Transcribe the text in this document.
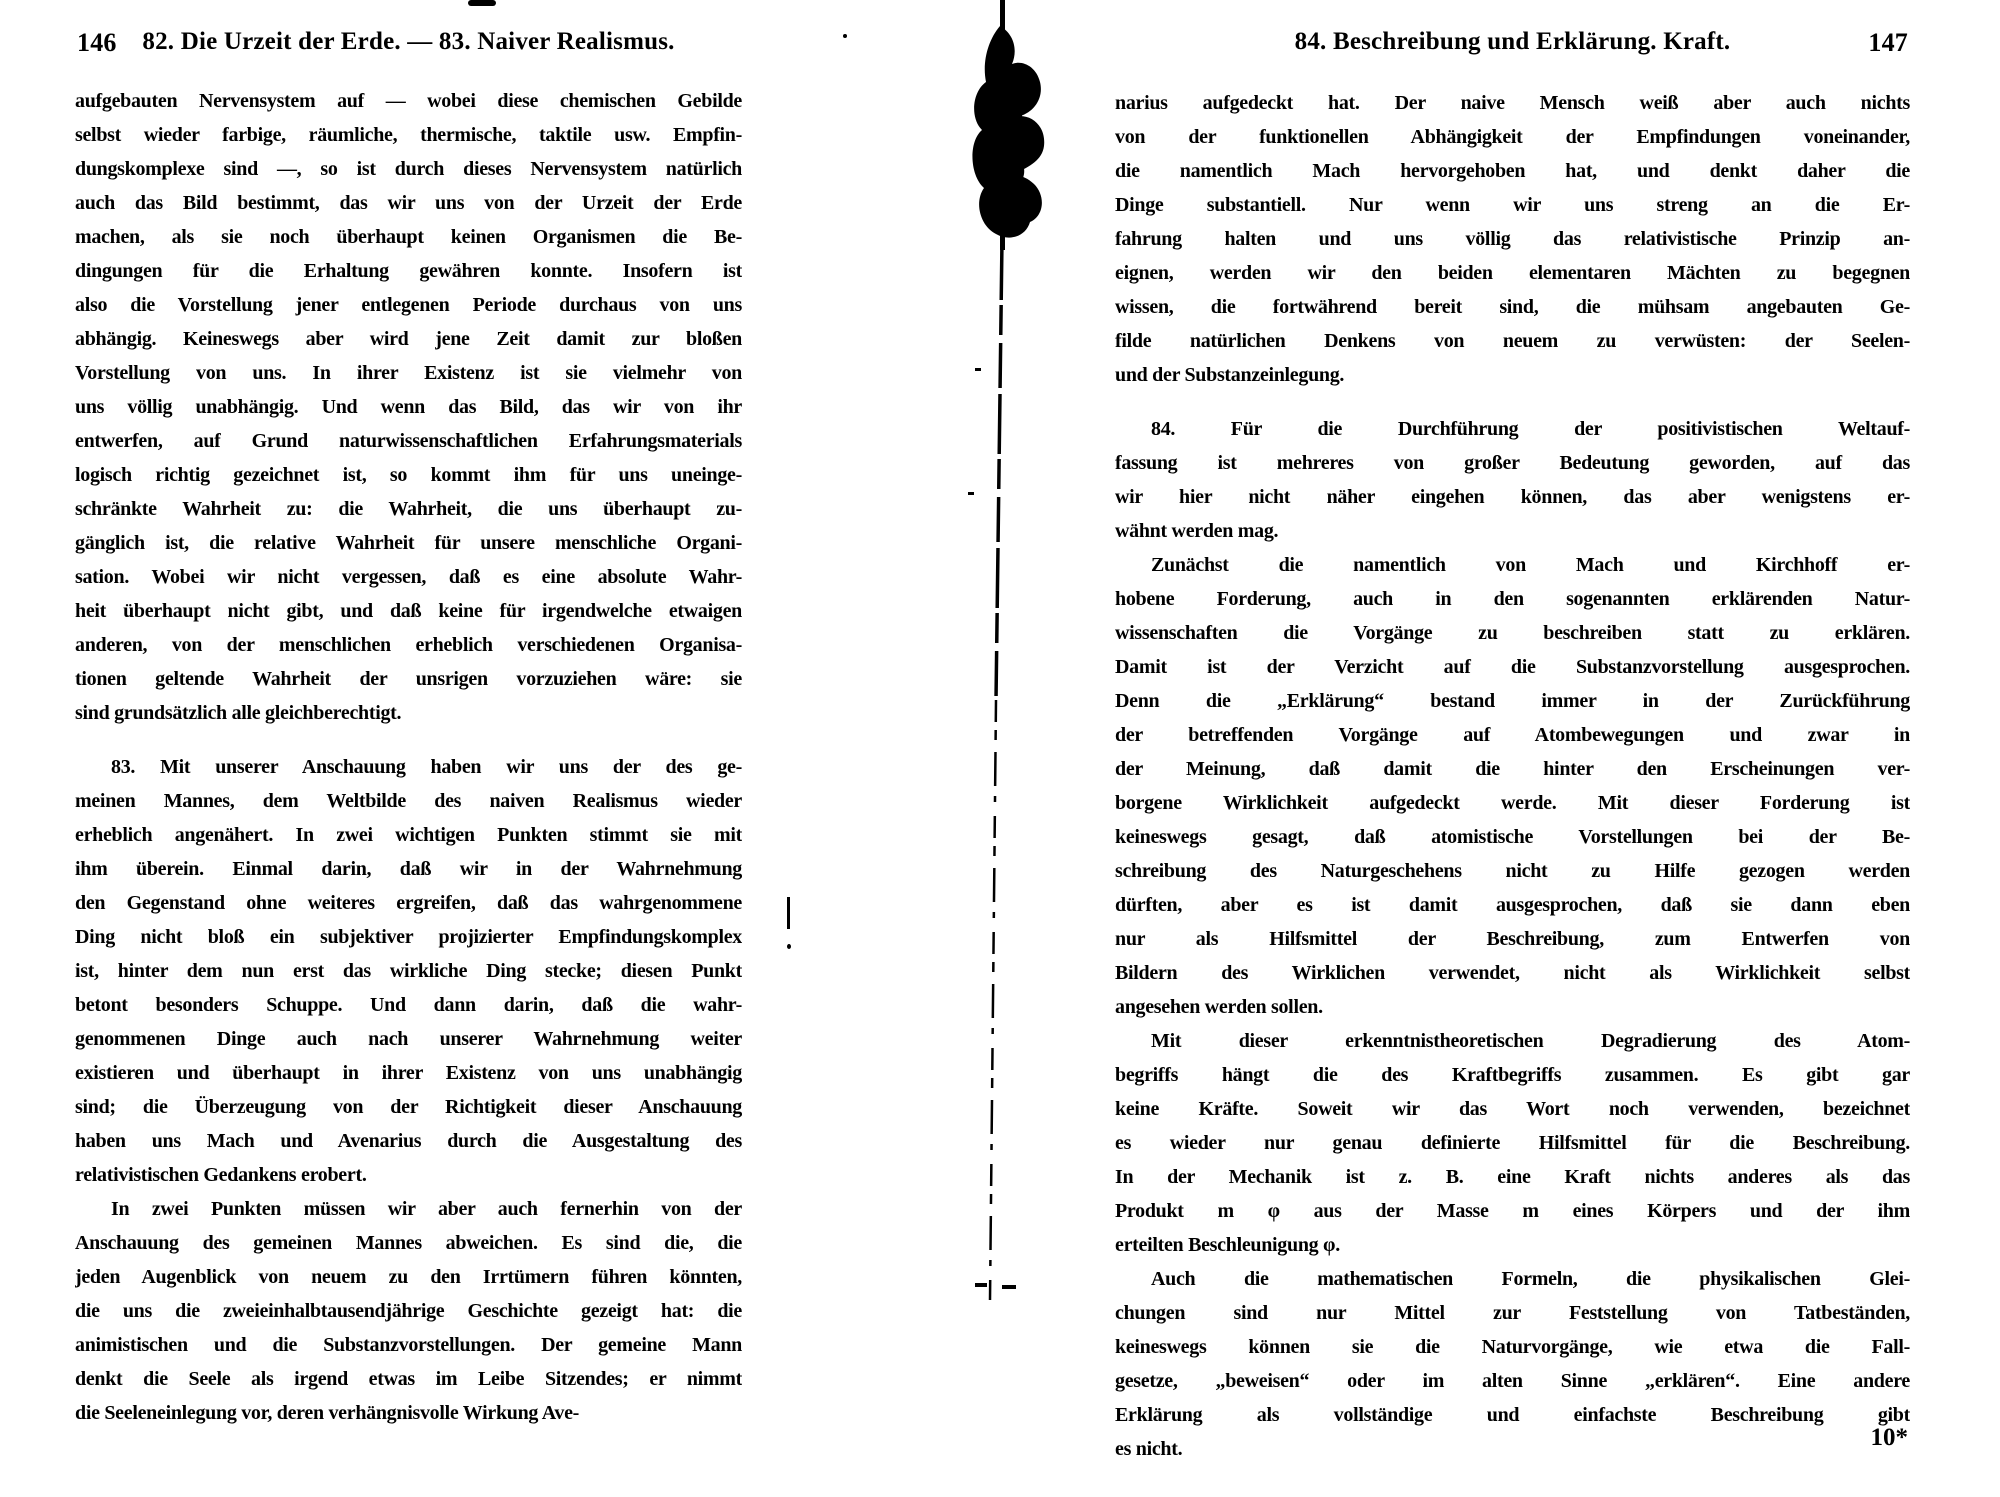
146	82. Die Urzeit der Erde. — 83. Naiver Realismus.	84. Beschreibung und Erklärung. Kraft.	147
aufgebauten Nervensystem auf — wobei diese chemischen Gebilde
selbst wieder farbige, räumliche, thermische, taktile usw. Empfin-
dungskomplexe sind —, so ist durch dieses Nervensystem natürlich
auch das Bild bestimmt, das wir uns von der Urzeit der Erde
machen, als sie noch überhaupt keinen Organismen die Be-
dingungen für die Erhaltung gewähren konnte. Insofern ist
also die Vorstellung jener entlegenen Periode durchaus von uns
abhängig. Keineswegs aber wird jene Zeit damit zur bloßen
Vorstellung von uns. In ihrer Existenz ist sie vielmehr von
uns völlig unabhängig. Und wenn das Bild, das wir von ihr
entwerfen, auf Grund naturwissenschaftlichen Erfahrungsmaterials
logisch richtig gezeichnet ist, so kommt ihm für uns uneinge-
schränkte Wahrheit zu: die Wahrheit, die uns überhaupt zu-
gänglich ist, die relative Wahrheit für unsere menschliche Organi-
sation. Wobei wir nicht vergessen, daß es eine absolute Wahr-
heit überhaupt nicht gibt, und daß keine für irgendwelche etwaigen
anderen, von der menschlichen erheblich verschiedenen Organisa-
tionen geltende Wahrheit der unsrigen vorzuziehen wäre: sie
sind grundsätzlich alle gleichberechtigt.
83. Mit unserer Anschauung haben wir uns der des ge-
meinen Mannes, dem Weltbilde des naiven Realismus wieder
erheblich angenähert. In zwei wichtigen Punkten stimmt sie mit
ihm überein. Einmal darin, daß wir in der Wahrnehmung
den Gegenstand ohne weiteres ergreifen, daß das wahrgenommene
Ding nicht bloß ein subjektiver projizierter Empfindungskomplex
ist, hinter dem nun erst das wirkliche Ding stecke; diesen Punkt
betont besonders Schuppe. Und dann darin, daß die wahr-
genommenen Dinge auch nach unserer Wahrnehmung weiter
existieren und überhaupt in ihrer Existenz von uns unabhängig
sind; die Überzeugung von der Richtigkeit dieser Anschauung
haben uns Mach und Avenarius durch die Ausgestaltung des
relativistischen Gedankens erobert.
In zwei Punkten müssen wir aber auch fernerhin von der
Anschauung des gemeinen Mannes abweichen. Es sind die, die
jeden Augenblick von neuem zu den Irrtümern führen könnten,
die uns die zweieinhalbtausendjährige Geschichte gezeigt hat: die
animistischen und die Substanzvorstellungen. Der gemeine Mann
denkt die Seele als irgend etwas im Leibe Sitzendes; er nimmt
die Seeleneinlegung vor, deren verhängnisvolle Wirkung Ave-
narius aufgedeckt hat. Der naive Mensch weiß aber auch nichts
von der funktionellen Abhängigkeit der Empfindungen voneinander,
die namentlich Mach hervorgehoben hat, und denkt daher die
Dinge substantiell. Nur wenn wir uns streng an die Er-
fahrung halten und uns völlig das relativistische Prinzip an-
eignen, werden wir den beiden elementaren Mächten zu begegnen
wissen, die fortwährend bereit sind, die mühsam angebauten Ge-
filde natürlichen Denkens von neuem zu verwüsten: der Seelen-
und der Substanzeinlegung.
84. Für die Durchführung der positivistischen Weltauf-
fassung ist mehreres von großer Bedeutung geworden, auf das
wir hier nicht näher eingehen können, das aber wenigstens er-
wähnt werden mag.
Zunächst die namentlich von Mach und Kirchhoff er-
hobene Forderung, auch in den sogenannten erklärenden Natur-
wissenschaften die Vorgänge zu beschreiben statt zu erklären.
Damit ist der Verzicht auf die Substanzvorstellung ausgesprochen.
Denn die „Erklärung“ bestand immer in der Zurückführung
der betreffenden Vorgänge auf Atombewegungen und zwar in
der Meinung, daß damit die hinter den Erscheinungen ver-
borgene Wirklichkeit aufgedeckt werde. Mit dieser Forderung ist
keineswegs gesagt, daß atomistische Vorstellungen bei der Be-
schreibung des Naturgeschehens nicht zu Hilfe gezogen werden
dürften, aber es ist damit ausgesprochen, daß sie dann eben
nur als Hilfsmittel der Beschreibung, zum Entwerfen von
Bildern des Wirklichen verwendet, nicht als Wirklichkeit selbst
angesehen werden sollen.
Mit dieser erkenntnistheoretischen Degradierung des Atom-
begriffs hängt die des Kraftbegriffs zusammen. Es gibt gar
keine Kräfte. Soweit wir das Wort noch verwenden, bezeichnet
es wieder nur genau definierte Hilfsmittel für die Beschreibung.
In der Mechanik ist z. B. eine Kraft nichts anderes als das
Produkt m φ aus der Masse m eines Körpers und der ihm
erteilten Beschleunigung φ.
Auch die mathematischen Formeln, die physikalischen Glei-
chungen sind nur Mittel zur Feststellung von Tatbeständen,
keineswegs können sie die Naturvorgänge, wie etwa die Fall-
gesetze, „beweisen“ oder im alten Sinne „erklären“. Eine andere
Erklärung als vollständige und einfachste Beschreibung gibt
es nicht.	10*
